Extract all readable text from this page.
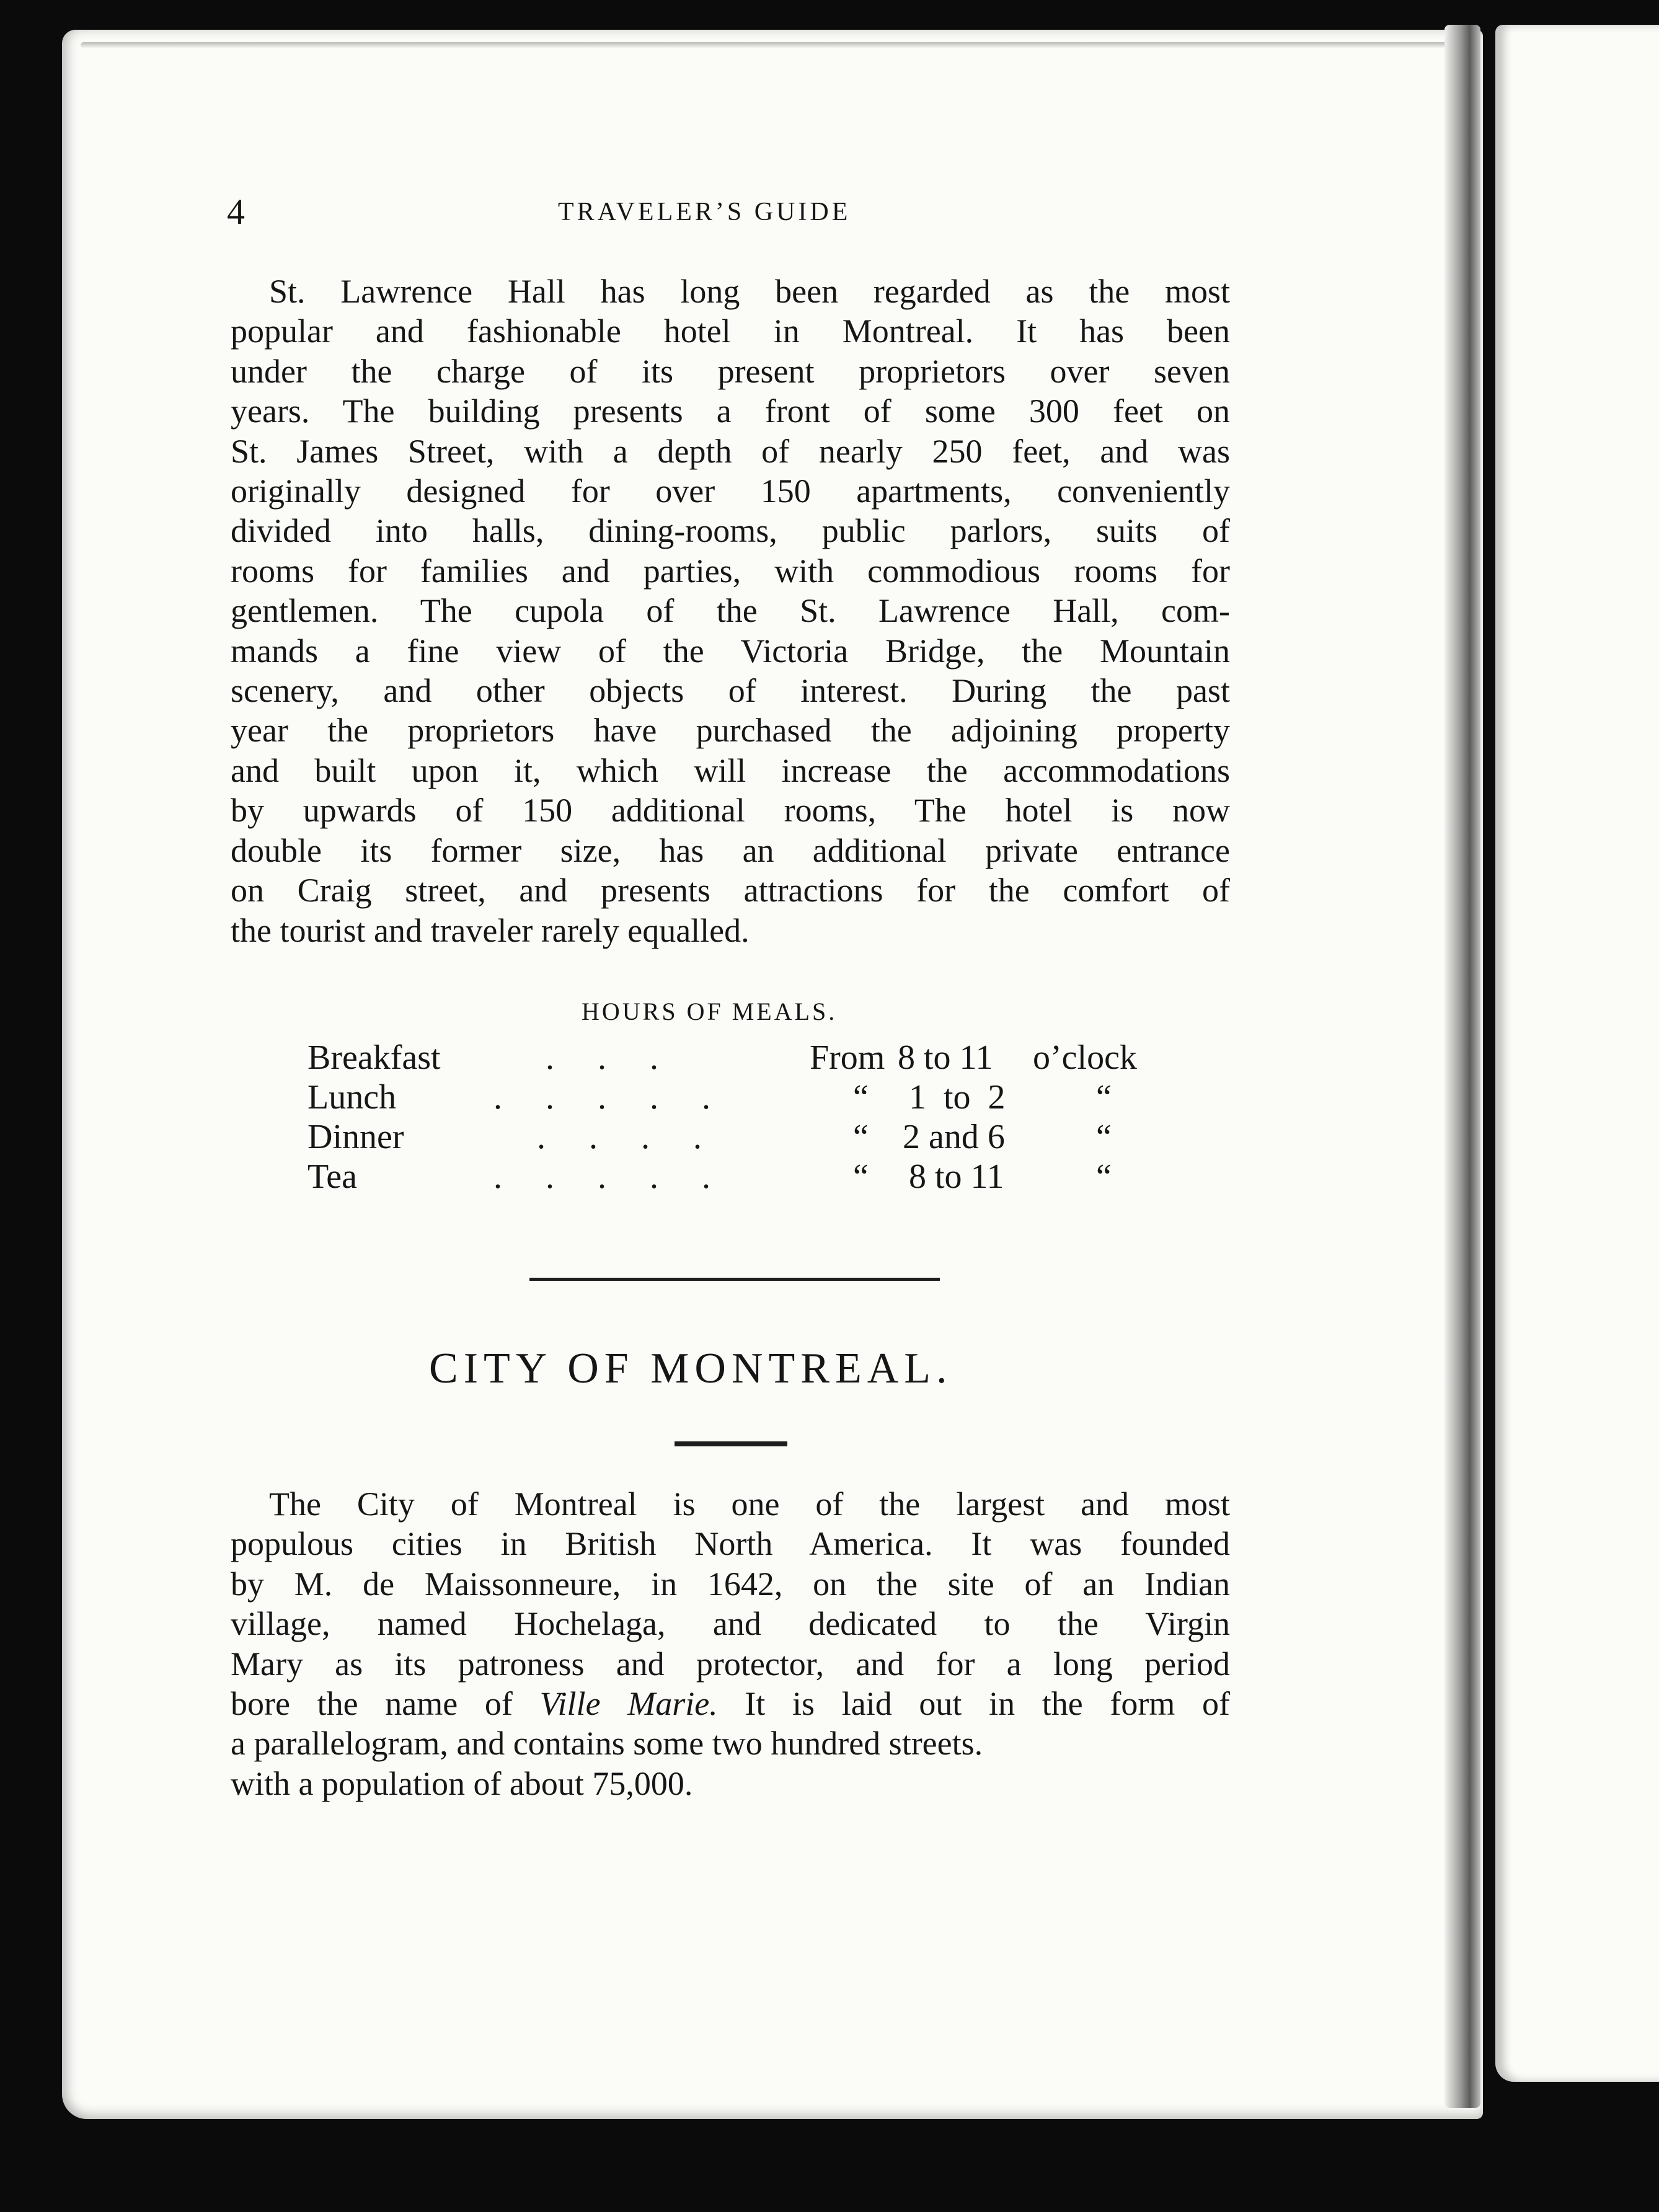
4	TRAVELER’S GUIDE
St. Lawrence Hall has long been regarded as the most
popular and fashionable hotel in Montreal. It has been
under the charge of its present proprietors over seven
years. The building presents a front of some 300 feet on
St. James Street, with a depth of nearly 250 feet, and was
originally designed for over 150 apartments, conveniently
divided into halls, dining-rooms, public parlors, suits of
rooms for families and parties, with commodious rooms for
gentlemen. The cupola of the St. Lawrence Hall, com-
mands a fine view of the Victoria Bridge, the Mountain
scenery, and other objects of interest. During the past
year the proprietors have purchased the adjoining property
and built upon it, which will increase the accommodations
by upwards of 150 additional rooms, The hotel is now
double its former size, has an additional private entrance
on Craig street, and presents attractions for the comfort of
the tourist and traveler rarely equalled.
HOURS OF MEALS.
Breakfast	.     .     .	From 8 to 11 o’clock
Lunch	.     .     .     .     .	“ 1  to  2	“
Dinner	.     .     .     .	“ 2 and 6	“
Tea	.     .     .     .     .	“ 8 to 11	“
CITY OF MONTREAL.
The City of Montreal is one of the largest and most
populous cities in British North America. It was founded
by M. de Maissonneure, in 1642, on the site of an Indian
village, named Hochelaga, and dedicated to the Virgin
Mary as its patroness and protector, and for a long period
bore the name of Ville Marie. It is laid out in the form of
a parallelogram, and contains some two hundred streets.
with a population of about 75,000.
